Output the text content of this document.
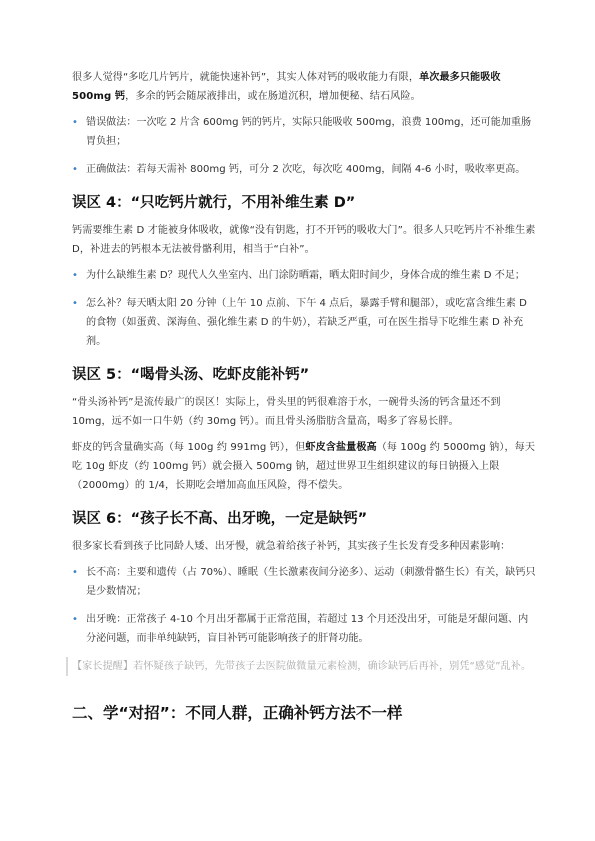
很多人觉得“多吃几片钙片，就能快速补钙”，其实人体对钙的吸收能力有限，单次最多只能吸收 500mg 钙，多余的钙会随尿液排出，或在肠道沉积，增加便秘、结石风险。

• 错误做法：一次吃 2 片含 600mg 钙的钙片，实际只能吸收 500mg，浪费 100mg，还可能加重肠胃负担；
• 正确做法：若每天需补 800mg 钙，可分 2 次吃，每次吃 400mg，间隔 4-6 小时，吸收率更高。
误区 4：“只吃钙片就行，不用补维生素 D”

钙需要维生素 D 才能被身体吸收，就像“没有钥匙，打不开钙的吸收大门”。很多人只吃钙片不补维生素 D，补进去的钙根本无法被骨骼利用，相当于“白补”。

• 为什么缺维生素 D？现代人久坐室内、出门涂防晒霜，晒太阳时间少，身体合成的维生素 D 不足；
• 怎么补？每天晒太阳 20 分钟（上午 10 点前、下午 4 点后，暴露手臂和腿部），或吃富含维生素 D 的食物（如蛋黄、深海鱼、强化维生素 D 的牛奶），若缺乏严重，可在医生指导下吃维生素 D 补充剂。
误区 5：“喝骨头汤、吃虾皮能补钙”

“骨头汤补钙”是流传最广的误区！实际上，骨头里的钙很难溶于水，一碗骨头汤的钙含量还不到 10mg，远不如一口牛奶（约 30mg 钙）。而且骨头汤脂肪含量高，喝多了容易长胖。

虾皮的钙含量确实高（每 100g 约 991mg 钙），但虾皮含盐量极高（每 100g 约 5000mg 钠），每天吃 10g 虾皮（约 100mg 钙）就会摄入 500mg 钠，超过世界卫生组织建议的每日钠摄入上限（2000mg）的 1/4，长期吃会增加高血压风险，得不偿失。

误区 6：“孩子长不高、出牙晚，一定是缺钙”

很多家长看到孩子比同龄人矮、出牙慢，就急着给孩子补钙，其实孩子生长发育受多种因素影响：

• 长不高：主要和遗传（占 70%）、睡眠（生长激素夜间分泌多）、运动（刺激骨骼生长）有关，缺钙只是少数情况；
• 出牙晚：正常孩子 4-10 个月出牙都属于正常范围，若超过 13 个月还没出牙，可能是牙龈问题、内分泌问题，而非单纯缺钙，盲目补钙可能影响孩子的肝肾功能。

【家长提醒】若怀疑孩子缺钙，先带孩子去医院做微量元素检测，确诊缺钙后再补，别凭“感觉”乱补。

二、学“对招”：不同人群，正确补钙方法不一样
